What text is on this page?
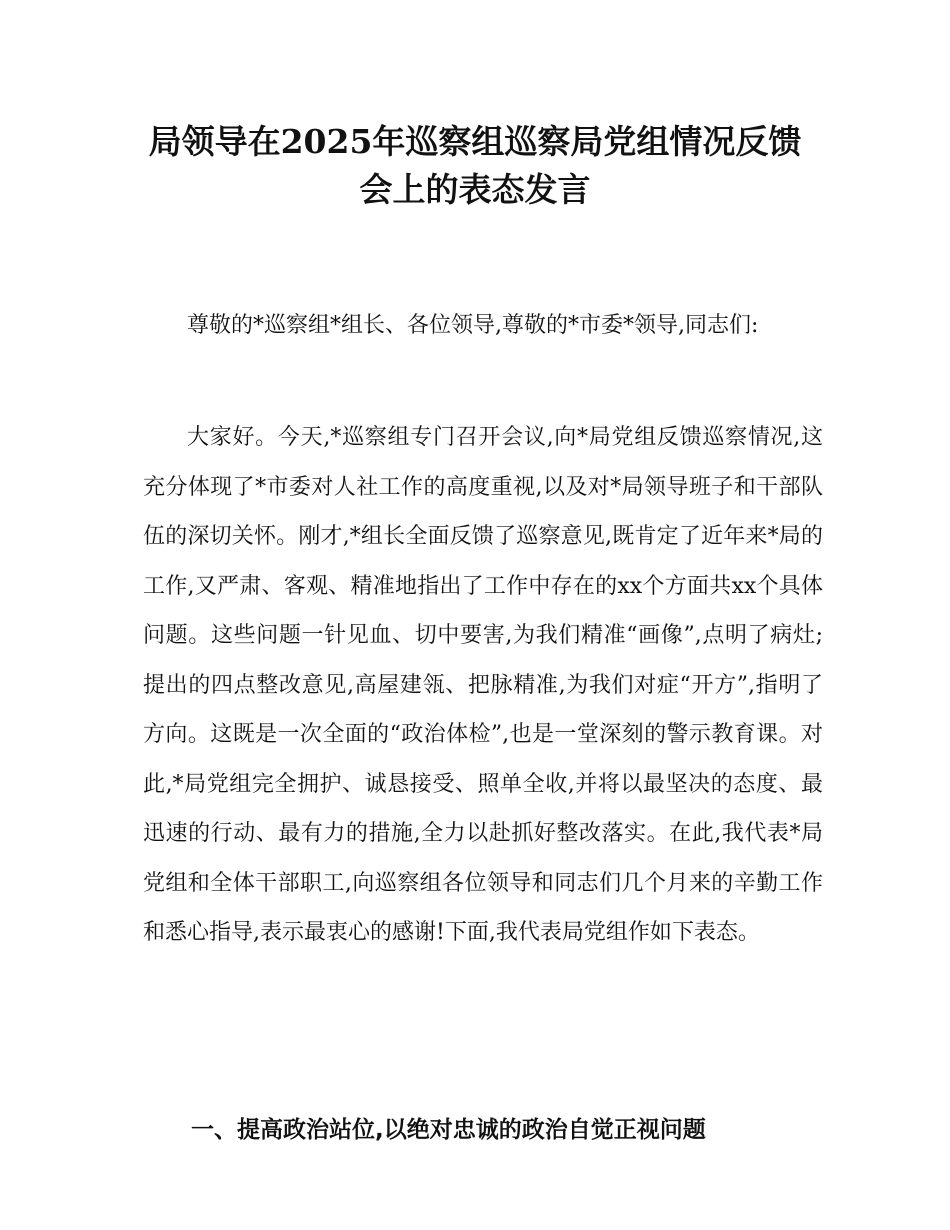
局领导在2025年巡察组巡察局党组情况反馈
会上的表态发言

尊敬的*巡察组*组长、各位领导,尊敬的*市委*领导,同志们:

大家好。今天,*巡察组专门召开会议,向*局党组反馈巡察情况,这充分体现了*市委对人社工作的高度重视,以及对*局领导班子和干部队伍的深切关怀。刚才,*组长全面反馈了巡察意见,既肯定了近年来*局的工作,又严肃、客观、精准地指出了工作中存在的xx个方面共xx个具体问题。这些问题一针见血、切中要害,为我们精准“画像”,点明了病灶;提出的四点整改意见,高屋建瓴、把脉精准,为我们对症“开方”,指明了方向。这既是一次全面的“政治体检”,也是一堂深刻的警示教育课。对此,*局党组完全拥护、诚恳接受、照单全收,并将以最坚决的态度、最迅速的行动、最有力的措施,全力以赴抓好整改落实。在此,我代表*局党组和全体干部职工,向巡察组各位领导和同志们几个月来的辛勤工作和悉心指导,表示最衷心的感谢!下面,我代表局党组作如下表态。

一、提高政治站位,以绝对忠诚的政治自觉正视问题
